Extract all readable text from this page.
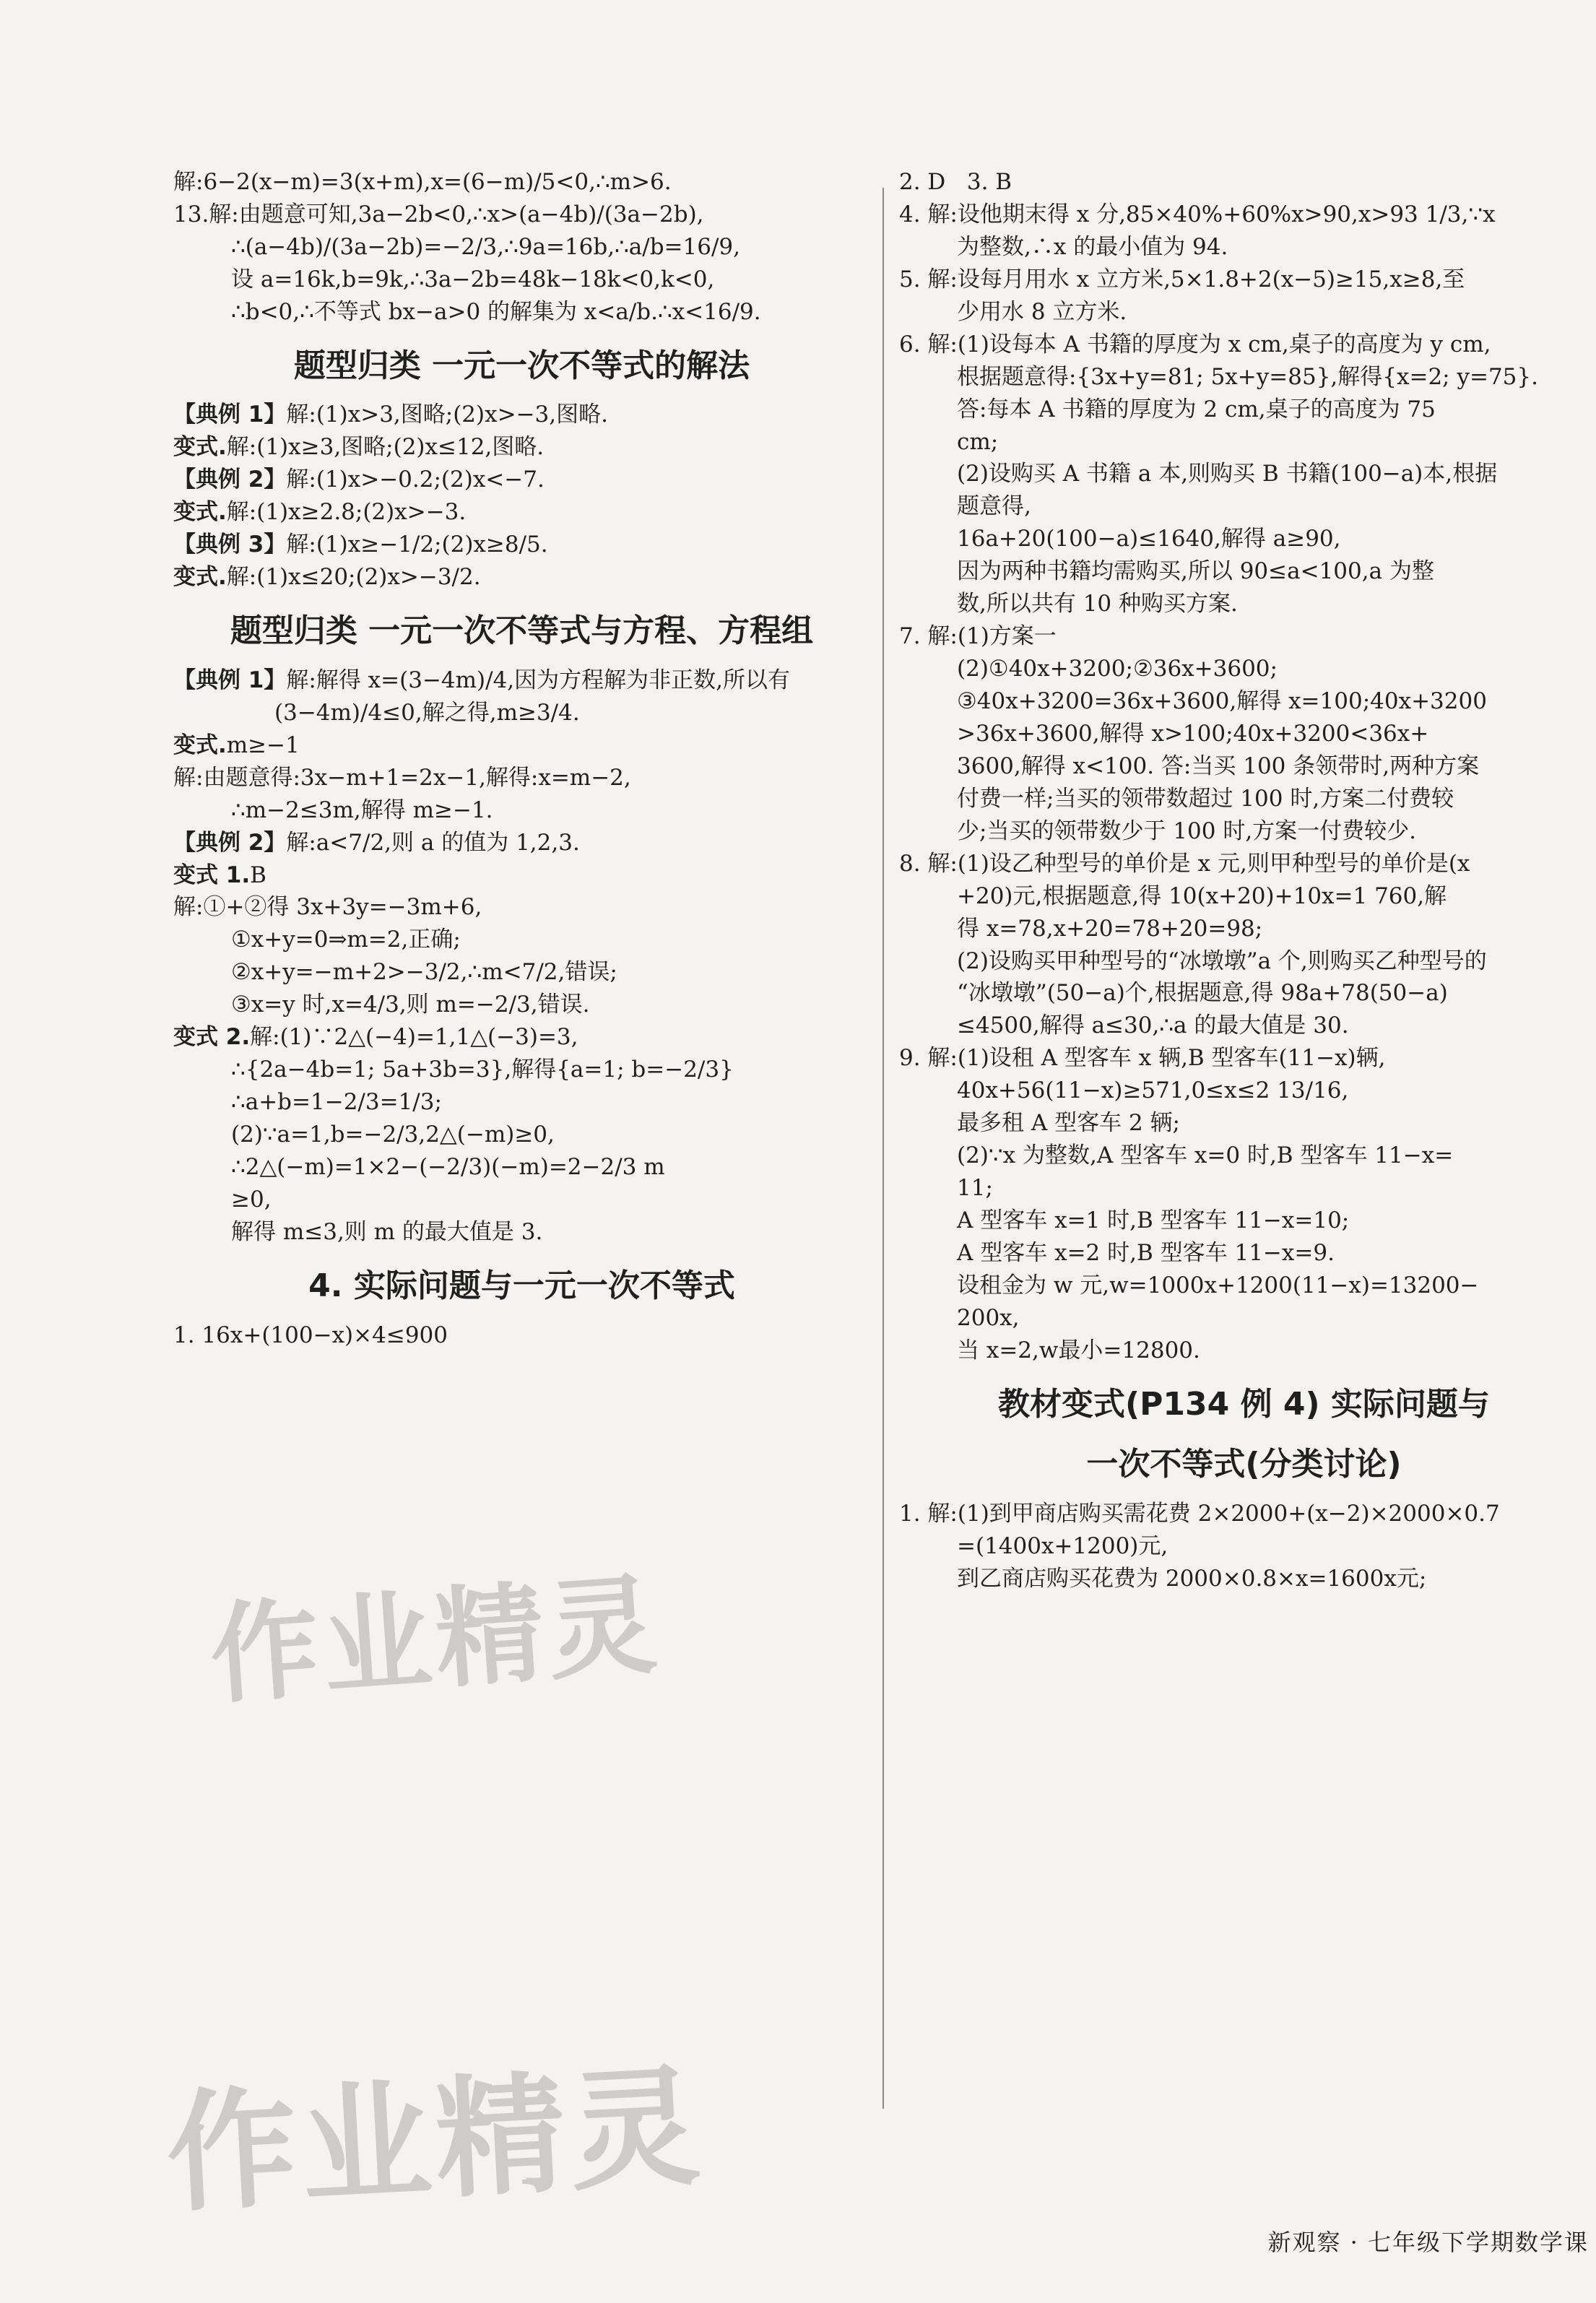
解:6−2(x−m)=3(x+m),x=(6−m)/5<0,∴m>6.
13.解:由题意可知,3a−2b<0,∴x>(a−4b)/(3a−2b),
∴(a−4b)/(3a−2b)=−2/3,∴9a=16b,∴a/b=16/9,
设 a=16k,b=9k,∴3a−2b=48k−18k<0,k<0,
∴b<0,∴不等式 bx−a>0 的解集为 x<a/b.∴x<16/9.
题型归类 一元一次不等式的解法
【典例 1】解:(1)x>3,图略;(2)x>−3,图略.
变式.解:(1)x≥3,图略;(2)x≤12,图略.
【典例 2】解:(1)x>−0.2;(2)x<−7.
变式.解:(1)x≥2.8;(2)x>−3.
【典例 3】解:(1)x≥−1/2;(2)x≥8/5.
变式.解:(1)x≤20;(2)x>−3/2.
题型归类 一元一次不等式与方程、方程组
【典例 1】解:解得 x=(3−4m)/4,因为方程解为非正数,所以有
(3−4m)/4≤0,解之得,m≥3/4.
变式.m≥−1
解:由题意得:3x−m+1=2x−1,解得:x=m−2,
∴m−2≤3m,解得 m≥−1.
【典例 2】解:a<7/2,则 a 的值为 1,2,3.
变式 1.B
解:①+②得 3x+3y=−3m+6,
①x+y=0⇒m=2,正确;
②x+y=−m+2>−3/2,∴m<7/2,错误;
③x=y 时,x=4/3,则 m=−2/3,错误.
变式 2.解:(1)∵2△(−4)=1,1△(−3)=3,
∴{2a−4b=1; 5a+3b=3},解得{a=1; b=−2/3}
∴a+b=1−2/3=1/3;
(2)∵a=1,b=−2/3,2△(−m)≥0,
∴2△(−m)=1×2−(−2/3)(−m)=2−2/3 m
≥0,
解得 m≤3,则 m 的最大值是 3.
4. 实际问题与一元一次不等式
1. 16x+(100−x)×4≤900
2. D   3. B
4. 解:设他期末得 x 分,85×40%+60%x>90,x>93 1/3,∵x
为整数,∴x 的最小值为 94.
5. 解:设每月用水 x 立方米,5×1.8+2(x−5)≥15,x≥8,至
少用水 8 立方米.
6. 解:(1)设每本 A 书籍的厚度为 x cm,桌子的高度为 y cm,
根据题意得:{3x+y=81; 5x+y=85},解得{x=2; y=75}.
答:每本 A 书籍的厚度为 2 cm,桌子的高度为 75
cm;
(2)设购买 A 书籍 a 本,则购买 B 书籍(100−a)本,根据
题意得,
16a+20(100−a)≤1640,解得 a≥90,
因为两种书籍均需购买,所以 90≤a<100,a 为整
数,所以共有 10 种购买方案.
7. 解:(1)方案一
(2)①40x+3200;②36x+3600;
③40x+3200=36x+3600,解得 x=100;40x+3200
>36x+3600,解得 x>100;40x+3200<36x+
3600,解得 x<100. 答:当买 100 条领带时,两种方案
付费一样;当买的领带数超过 100 时,方案二付费较
少;当买的领带数少于 100 时,方案一付费较少.
8. 解:(1)设乙种型号的单价是 x 元,则甲种型号的单价是(x
+20)元,根据题意,得 10(x+20)+10x=1 760,解
得 x=78,x+20=78+20=98;
(2)设购买甲种型号的“冰墩墩”a 个,则购买乙种型号的
“冰墩墩”(50−a)个,根据题意,得 98a+78(50−a)
≤4500,解得 a≤30,∴a 的最大值是 30.
9. 解:(1)设租 A 型客车 x 辆,B 型客车(11−x)辆,
40x+56(11−x)≥571,0≤x≤2 13/16,
最多租 A 型客车 2 辆;
(2)∵x 为整数,A 型客车 x=0 时,B 型客车 11−x=
11;
A 型客车 x=1 时,B 型客车 11−x=10;
A 型客车 x=2 时,B 型客车 11−x=9.
设租金为 w 元,w=1000x+1200(11−x)=13200−
200x,
当 x=2,w最小=12800.
教材变式(P134 例 4) 实际问题与
一次不等式(分类讨论)
1. 解:(1)到甲商店购买需花费 2×2000+(x−2)×2000×0.7
=(1400x+1200)元,
到乙商店购买花费为 2000×0.8×x=1600x元;
作业精灵
作业精灵
新观察 · 七年级下学期数学课
